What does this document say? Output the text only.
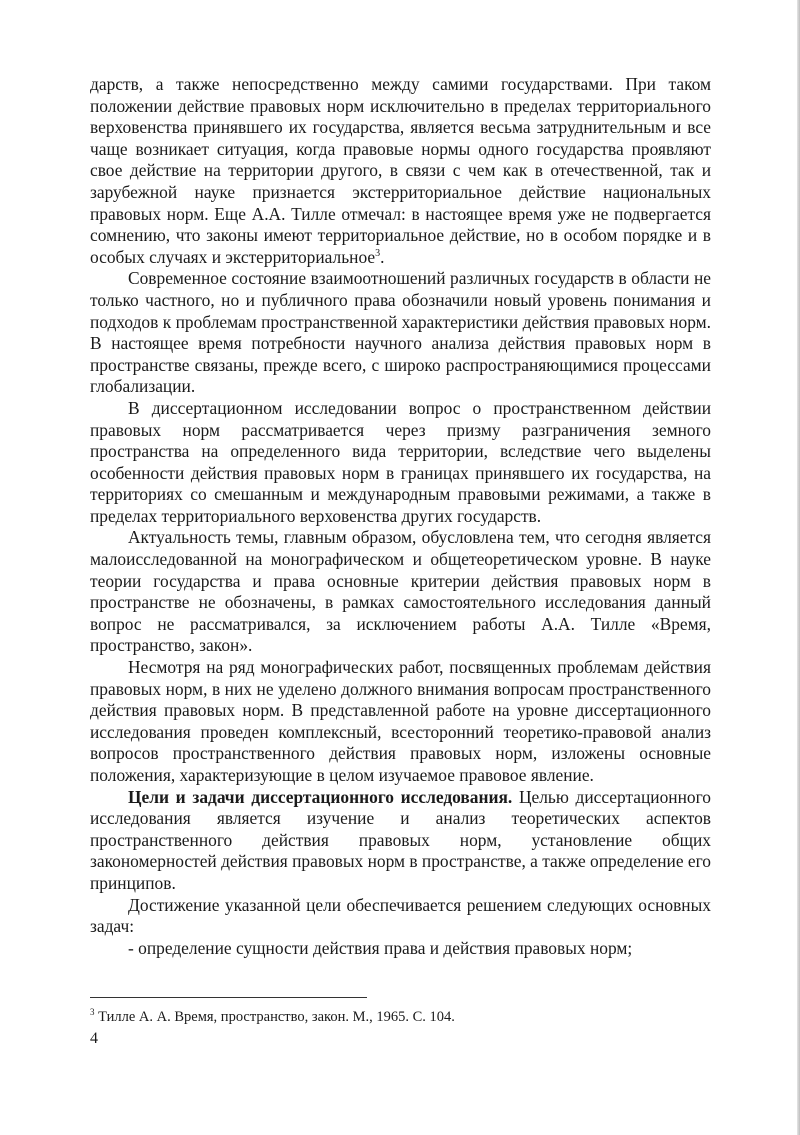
дарств, а также непосредственно между самими государствами. При таком положении действие правовых норм исключительно в пределах территориального верховенства принявшего их государства, является весьма затруднительным и все чаще возникает ситуация, когда правовые нормы одного государства проявляют свое действие на территории другого, в связи с чем как в отечественной, так и зарубежной науке признается экстерриториальное действие национальных правовых норм. Еще А.А. Тилле отмечал: в настоящее время уже не подвергается сомнению, что законы имеют территориальное действие, но в особом порядке и в особых случаях и экстерриториальное$^3$.

Современное состояние взаимоотношений различных государств в области не только частного, но и публичного права обозначили новый уровень понимания и подходов к проблемам пространственной характеристики действия правовых норм. В настоящее время потребности научного анализа действия правовых норм в пространстве связаны, прежде всего, с широко распространяющимися процессами глобализации.

В диссертационном исследовании вопрос о пространственном действии правовых норм рассматривается через призму разграничения земного пространства на определенного вида территории, вследствие чего выделены особенности действия правовых норм в границах принявшего их государства, на территориях со смешанным и международным правовыми режимами, а также в пределах территориального верховенства других государств.

Актуальность темы, главным образом, обусловлена тем, что сегодня является малоисследованной на монографическом и общетеоретическом уровне. В науке теории государства и права основные критерии действия правовых норм в пространстве не обозначены, в рамках самостоятельного исследования данный вопрос не рассматривался, за исключением работы А.А. Тилле «Время, пространство, закон».

Несмотря на ряд монографических работ, посвященных проблемам действия правовых норм, в них не уделено должного внимания вопросам пространственного действия правовых норм. В представленной работе на уровне диссертационного исследования проведен комплексный, всесторонний теоретико-правовой анализ вопросов пространственного действия правовых норм, изложены основные положения, характеризующие в целом изучаемое правовое явление.

Цели и задачи диссертационного исследования. Целью диссертационного исследования является изучение и анализ теоретических аспектов пространственного действия правовых норм, установление общих закономерностей действия правовых норм в пространстве, а также определение его принципов.

Достижение указанной цели обеспечивается решением следующих основных задач:

- определение сущности действия права и действия правовых норм;

$^3$ Тилле А. А. Время, пространство, закон. М., 1965. С. 104.
4
